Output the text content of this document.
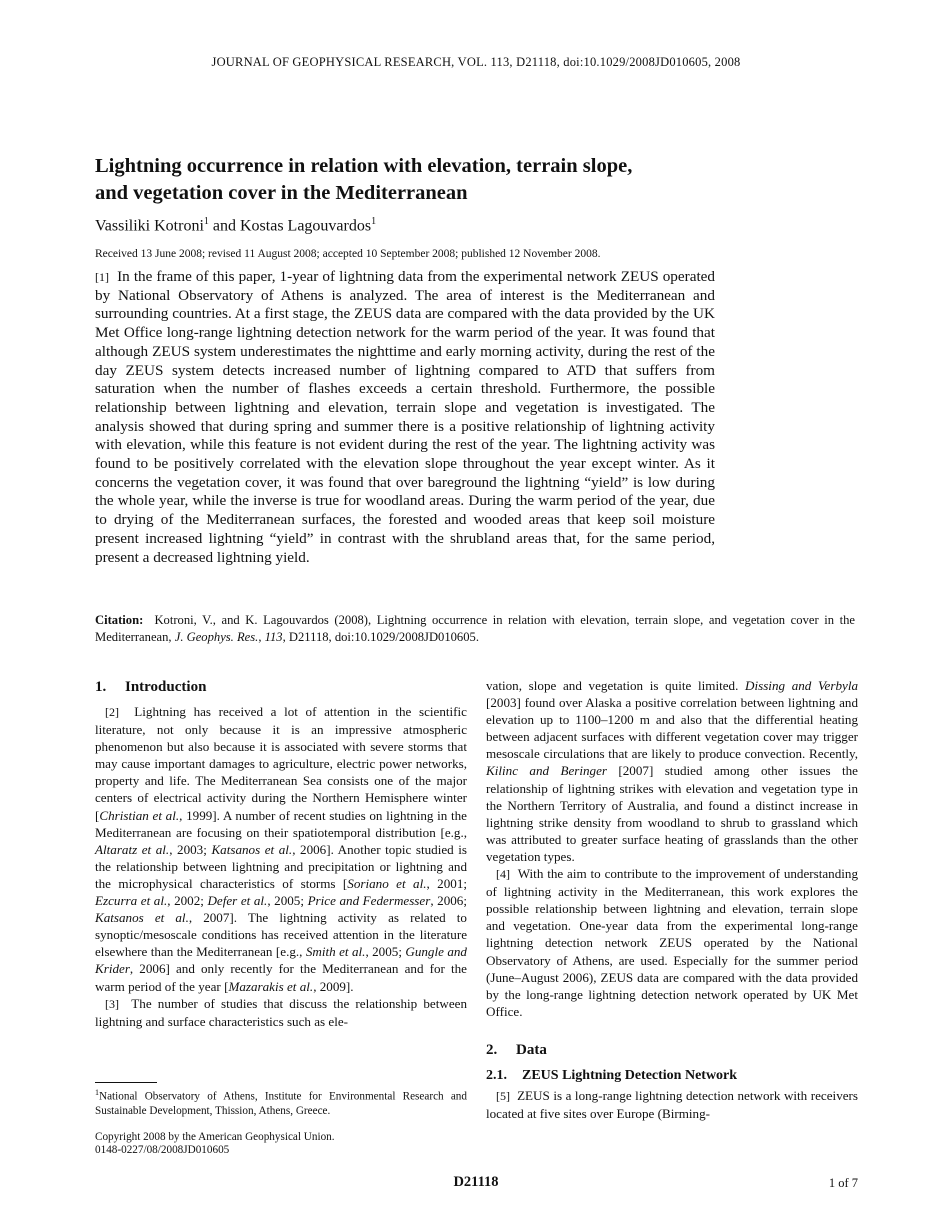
JOURNAL OF GEOPHYSICAL RESEARCH, VOL. 113, D21118, doi:10.1029/2008JD010605, 2008
Lightning occurrence in relation with elevation, terrain slope,
and vegetation cover in the Mediterranean
Vassiliki Kotroni$^1$ and Kostas Lagouvardos$^1$
Received 13 June 2008; revised 11 August 2008; accepted 10 September 2008; published 12 November 2008.

[1] In the frame of this paper, 1-year of lightning data from the experimental network ZEUS operated by National Observatory of Athens is analyzed. The area of interest is the Mediterranean and surrounding countries. At a first stage, the ZEUS data are compared with the data provided by the UK Met Office long-range lightning detection network for the warm period of the year. It was found that although ZEUS system underestimates the nighttime and early morning activity, during the rest of the day ZEUS system detects increased number of lightning compared to ATD that suffers from saturation when the number of flashes exceeds a certain threshold. Furthermore, the possible relationship between lightning and elevation, terrain slope and vegetation is investigated. The analysis showed that during spring and summer there is a positive relationship of lightning activity with elevation, while this feature is not evident during the rest of the year. The lightning activity was found to be positively correlated with the elevation slope throughout the year except winter. As it concerns the vegetation cover, it was found that over bareground the lightning “yield” is low during the whole year, while the inverse is true for woodland areas. During the warm period of the year, due to drying of the Mediterranean surfaces, the forested and wooded areas that keep soil moisture present increased lightning “yield” in contrast with the shrubland areas that, for the same period, present a decreased lightning yield.

Citation: Kotroni, V., and K. Lagouvardos (2008), Lightning occurrence in relation with elevation, terrain slope, and vegetation cover in the Mediterranean, J. Geophys. Res., 113, D21118, doi:10.1029/2008JD010605.
1. Introduction

[2] Lightning has received a lot of attention in the scientific literature, not only because it is an impressive atmospheric phenomenon but also because it is associated with severe storms that may cause important damages to agriculture, electric power networks, property and life. The Mediterranean Sea consists one of the major centers of electrical activity during the Northern Hemisphere winter [Christian et al., 1999]. A number of recent studies on lightning in the Mediterranean are focusing on their spatiotemporal distribution [e.g., Altaratz et al., 2003; Katsanos et al., 2006]. Another topic studied is the relationship between lightning and precipitation or lightning and the microphysical characteristics of storms [Soriano et al., 2001; Ezcurra et al., 2002; Defer et al., 2005; Price and Federmesser, 2006; Katsanos et al., 2007]. The lightning activity as related to synoptic/mesoscale conditions has received attention in the literature elsewhere than the Mediterranean [e.g., Smith et al., 2005; Gungle and Krider, 2006] and only recently for the Mediterranean and for the warm period of the year [Mazarakis et al., 2009].

[3] The number of studies that discuss the relationship between lightning and surface characteristics such as ele-

vation, slope and vegetation is quite limited. Dissing and Verbyla [2003] found over Alaska a positive correlation between lightning and elevation up to 1100–1200 m and also that the differential heating between adjacent surfaces with different vegetation cover may trigger mesoscale circulations that are likely to produce convection. Recently, Kilinc and Beringer [2007] studied among other issues the relationship of lightning strikes with elevation and vegetation type in the Northern Territory of Australia, and found a distinct increase in lightning strike density from woodland to shrub to grassland which was attributed to greater surface heating of grasslands than the other vegetation types.

[4] With the aim to contribute to the improvement of understanding of lightning activity in the Mediterranean, this work explores the possible relationship between lightning and elevation, terrain slope and vegetation. One-year data from the experimental long-range lightning detection network ZEUS operated by the National Observatory of Athens, are used. Especially for the summer period (June–August 2006), ZEUS data are compared with the data provided by the long-range lightning detection network operated by UK Met Office.

2. Data
2.1. ZEUS Lightning Detection Network

[5] ZEUS is a long-range lightning detection network with receivers located at five sites over Europe (Birming-

$^1$National Observatory of Athens, Institute for Environmental Research and Sustainable Development, Thission, Athens, Greece.
Copyright 2008 by the American Geophysical Union.
0148-0227/08/2008JD010605
D21118	1 of 7
